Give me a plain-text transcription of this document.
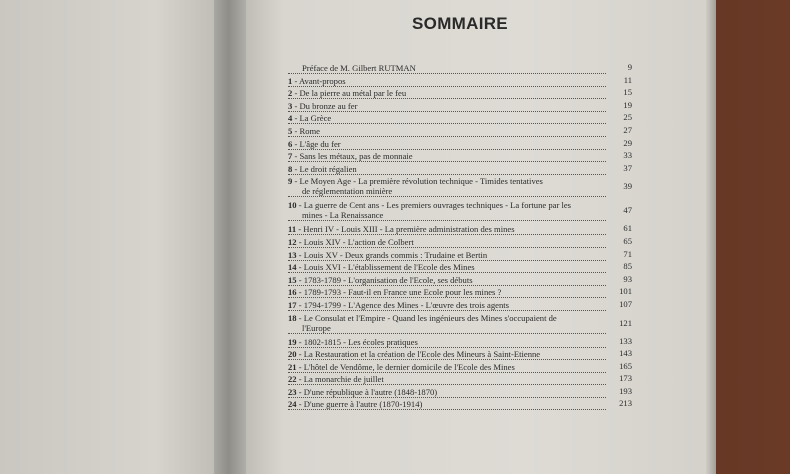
SOMMAIRE
Préface de M. Gilbert RUTMAN	9
1 - Avant-propos	11
2 - De la pierre au métal par le feu	15
3 - Du bronze au fer	19
4 - La Grèce	25
5 - Rome	27
6 - L'âge du fer	29
7 - Sans les métaux, pas de monnaie	33
8 - Le droit régalien	37
9 - Le Moyen Age - La première révolution technique - Timides tentatives
de réglementation minière	39
10 - La guerre de Cent ans - Les premiers ouvrages techniques - La fortune par les
mines - La Renaissance	47
11 - Henri IV - Louis XIII - La première administration des mines	61
12 - Louis XIV - L'action de Colbert	65
13 - Louis XV - Deux grands commis : Trudaine et Bertin	71
14 - Louis XVI - L'établissement de l'Ecole des Mines	85
15 - 1783-1789 - L'organisation de l'Ecole, ses débuts	93
16 - 1789-1793 - Faut-il en France une Ecole pour les mines ?	101
17 - 1794-1799 - L'Agence des Mines - L'œuvre des trois agents	107
18 - Le Consulat et l'Empire - Quand les ingénieurs des Mines s'occupaient de
l'Europe	121
19 - 1802-1815 - Les écoles pratiques	133
20 - La Restauration et la création de l'Ecole des Mineurs à Saint-Etienne	143
21 - L'hôtel de Vendôme, le dernier domicile de l'Ecole des Mines	165
22 - La monarchie de juillet	173
23 - D'une république à l'autre (1848-1870)	193
24 - D'une guerre à l'autre (1870-1914)	213
